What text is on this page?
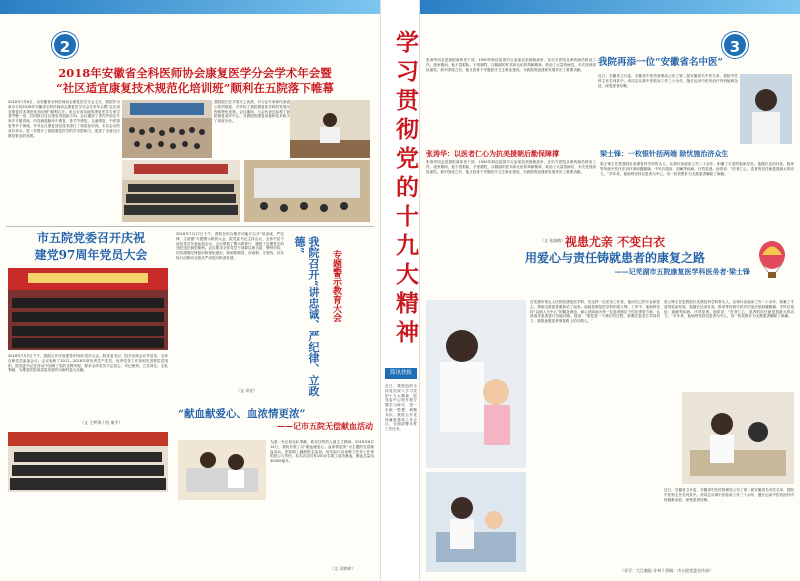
2
2018年安徽省全科医师协会康复医学分会学术年会暨
“社区适宜康复技术规范化培训班”顺利在五院落下帷幕
2018年7月6日，由安徽省全科医师协会康复医学分会主办，我院作为承办方的2018年安徽省全科医师协会康复医学分会学术年会暨“社区适宜康复技术规范化培训班”顺利召开。来自全省各地的康复医学专家学者齐聚一堂，共同探讨社区康复发展新方向。会议邀请了省内外知名专家作专题讲座，内容涵盖脑卒中康复、骨关节康复、儿童康复、中医康复等多个领域，并对社区康复适宜技术进行了规范化培训。本次会议的成功举办，进一步提升了我院康复医学的学术影响力，促进了全省社区康复事业的发展。
我院院长在开幕式上致辞，对与会专家和代表表示热烈欢迎，并介绍了我院康复医学科的发展历程和特色优势。会议期间，与会代表还参观了我院康复治疗中心，对我院的康复设备和技术给予了高度评价。
市五院党委召开庆祝
建党97周年党员大会
2018年7月2日下午，我院召开庆祝建党97周年党员大会。院党委书记、院长出席会议并讲话，全体在职党员参加会议。会议表彰了2017—2018年度优秀共产党员、优秀党务工作者和先进基层党组织。院党委书记在讲话中回顾了党的光辉历程，要求全体党员不忘初心、牢记使命，立足岗位、无私奉献，为推进医院高质量发展作出新的更大贡献。
（文 王梦琪 / 图 秦平）
2018年7月17日下午，我院在综合楼多功能厅召开“讲忠诚、严纪律、立政德”专题警示教育大会。院党委书记主持会议，全体中层干部及党员代表参加会议。会议观看了警示教育片，通报了近期发生的违纪违法典型案例。会议要求全体党员干部要以案为鉴、警钟长鸣，切实增强纪律意识和规矩意识，做到知敬畏、存戒惧、守底线，以实际行动推动全面从严治党向纵深发展。
（文 卓安）	我院召开“讲忠诚、严纪律、立政德”
专题警示教育大会
“献血献爱心、血浓情更浓”
——记市五院无偿献血活动
为进一步弘扬无私奉献、救死扶伤的人道主义精神，2018年6月14日，我院开展了以“献血献爱心、血浓情更浓”为主题的无偿献血活动。医院职工踊跃报名参加，用实际行动诠释了医务工作者的爱心与责任。本次活动共有100余名职工成功献血，献血总量达30000毫升。
（文 吴婷婷）
学习贯彻党的十九大精神
简讯快报
近日，我院组织全体党员深入学习党的十九大精神，院党委中心组开展专题学习研讨，进一步统一思想、凝聚共识。我院召开党风廉政建设工作会议，全面部署年度工作任务。
3
张涛华同志是我院离休老干部，1950年响应祖国号召参加抗美援朝战争，在后方医院从事伤病员救治工作。战争期间，他不畏艰险、不怕牺牲，以精湛的医术和无私的奉献精神，救治了大量伤病员，多次受到部队嘉奖。新中国成立后，他又投身于安徽医疗卫生事业建设，为我院的创建和发展作出了重要贡献。
我院再添一位“安徽省名中医”
近日，安徽省卫计委、安徽省中医药管理局公布了第二届安徽省名中医名单，我院中医科主任名列其中。该同志从事中医临床工作三十余年，擅长运用中医药治疗内科疑难杂症，深受患者信赖。
张涛华：以医者仁心为抗美援朝后勤保障撑
张涛华同志是我院离休老干部，1950年响应祖国号召参加抗美援朝战争，在后方医院从事伤病员救治工作。战争期间，他不畏艰险、不怕牺牲，以精湛的医术和无私的奉献精神，救治了大量伤病员，多次受到部队嘉奖。新中国成立后，他又投身于安徽医疗卫生事业建设，为我院的创建和发展作出了重要贡献。
（文 张淑敏）
梁士锋：一枚银针括两端 除忧施治济众生
梁士锋主任是我院针灸康复科学科带头人，从事针灸临床工作二十余年，积累了丰富的临床经验。他擅长运用针灸、推拿等传统中医疗法治疗颈肩腰腿痛、中风后遗症、面瘫等疾病，疗效显著。他常说：“医者仁心，患者的信任就是我最大的动力。”多年来，他始终坚持以患者为中心，用一枚枚银针为无数患者解除了病痛。
视患尤亲 不变白衣
用爱心与责任铸就患者的康复之路
——记芜湖市五院康复医学科医务者·梁士锋
在芜湖市第五人民医院康复医学科，有这样一位医务工作者，他用自己的专业和爱心，帮助无数患者重新站了起来。他就是康复医学科的梁士锋。工作中，他始终坚持“以病人为中心”的服务理念，耐心细致地为每一位患者制定个性化康复方案，认真指导患者进行功能训练。他说：“康复是一个漫长的过程，需要医患双方共同努力，我愿意做患者康复路上的引路人。”
梁士锋主任是我院针灸康复科学科带头人，从事针灸临床工作二十余年，积累了丰富的临床经验。他擅长运用针灸、推拿等传统中医疗法治疗颈肩腰腿痛、中风后遗症、面瘫等疾病，疗效显著。他常说：“医者仁心，患者的信任就是我最大的动力。”多年来，他始终坚持以患者为中心，用一枚枚银针为无数患者解除了病痛。
近日，安徽省卫计委、安徽省中医药管理局公布了第二届安徽省名中医名单，我院中医科主任名列其中。该同志从事中医临床工作三十余年，擅长运用中医药治疗内科疑难杂症，深受患者信赖。
（采写：大江晚报 许林 / 供稿：市五院党委宣传部）
